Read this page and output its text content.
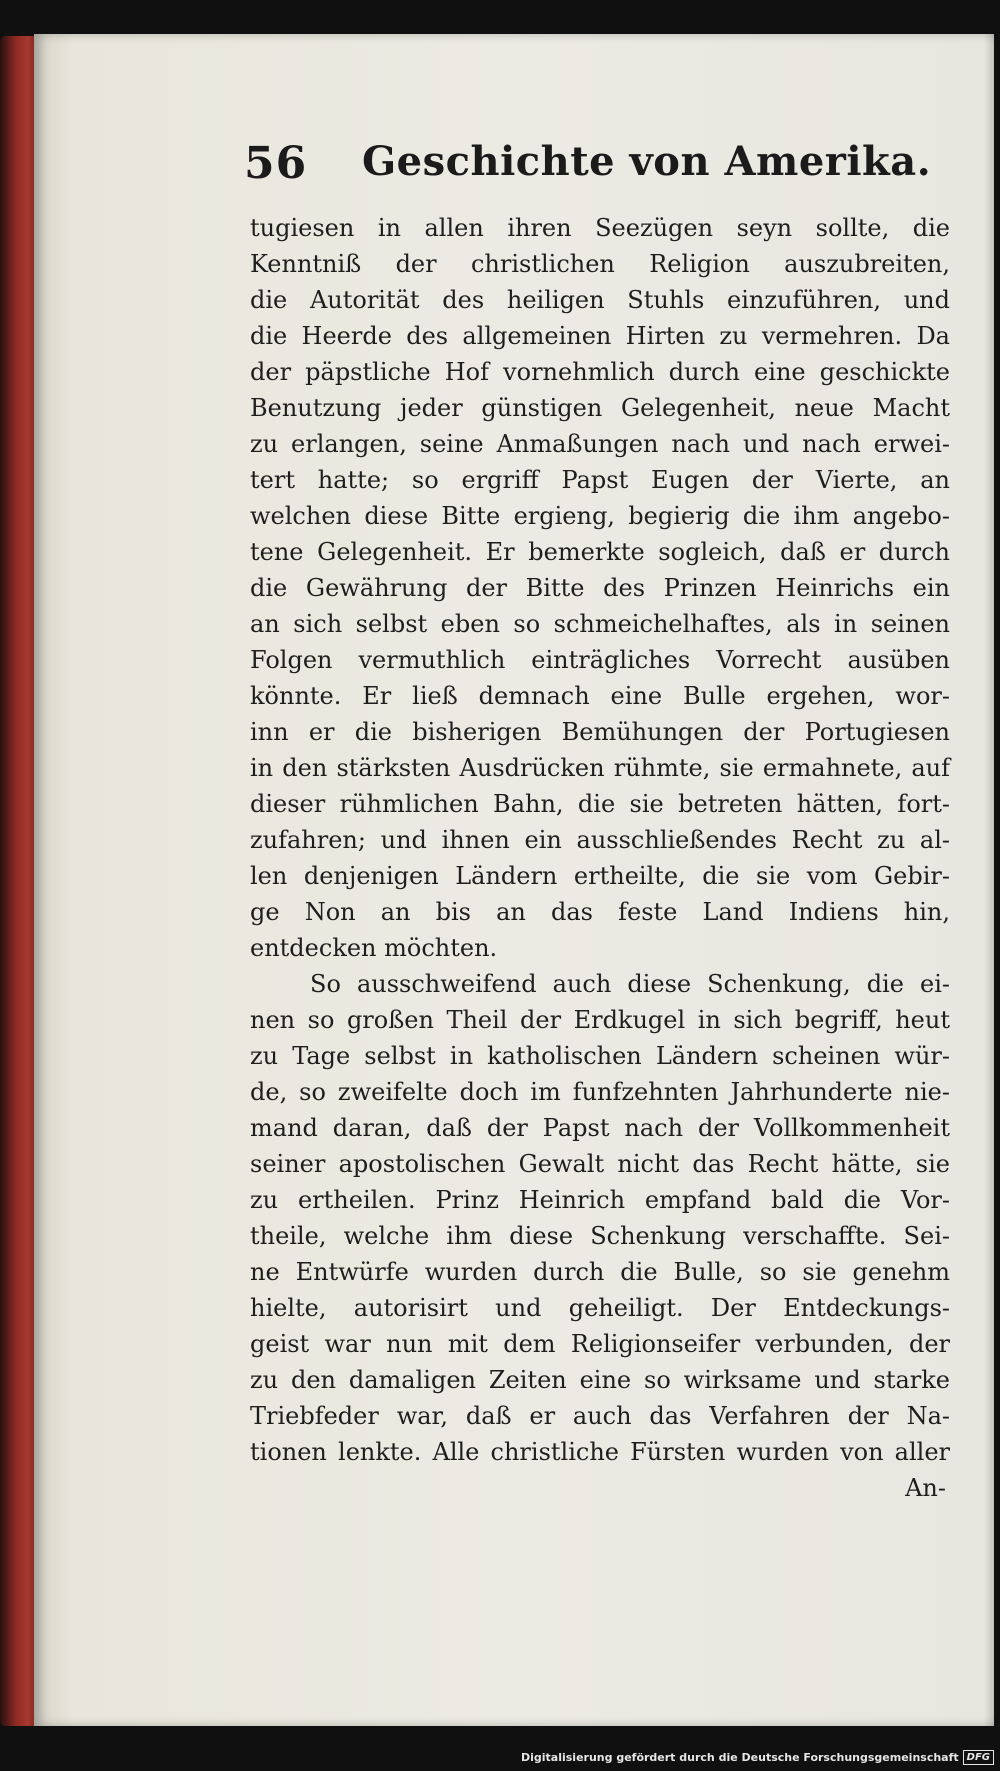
56 Geschichte von Amerika.
tugiesen in allen ihren Seezügen seyn sollte, die
Kenntniß der christlichen Religion auszubreiten,
die Autorität des heiligen Stuhls einzuführen, und
die Heerde des allgemeinen Hirten zu vermehren. Da
der päpstliche Hof vornehmlich durch eine geschickte
Benutzung jeder günstigen Gelegenheit, neue Macht
zu erlangen, seine Anmaßungen nach und nach erwei-
tert hatte; so ergriff Papst Eugen der Vierte, an
welchen diese Bitte ergieng, begierig die ihm angebo-
tene Gelegenheit. Er bemerkte sogleich, daß er durch
die Gewährung der Bitte des Prinzen Heinrichs ein
an sich selbst eben so schmeichelhaftes, als in seinen
Folgen vermuthlich einträgliches Vorrecht ausüben
könnte. Er ließ demnach eine Bulle ergehen, wor-
inn er die bisherigen Bemühungen der Portugiesen
in den stärksten Ausdrücken rühmte, sie ermahnete, auf
dieser rühmlichen Bahn, die sie betreten hätten, fort-
zufahren; und ihnen ein ausschließendes Recht zu al-
len denjenigen Ländern ertheilte, die sie vom Gebir-
ge Non an bis an das feste Land Indiens hin,
entdecken möchten.
So ausschweifend auch diese Schenkung, die ei-
nen so großen Theil der Erdkugel in sich begriff, heut
zu Tage selbst in katholischen Ländern scheinen wür-
de, so zweifelte doch im funfzehnten Jahrhunderte nie-
mand daran, daß der Papst nach der Vollkommenheit
seiner apostolischen Gewalt nicht das Recht hätte, sie
zu ertheilen. Prinz Heinrich empfand bald die Vor-
theile, welche ihm diese Schenkung verschaffte. Sei-
ne Entwürfe wurden durch die Bulle, so sie genehm
hielte, autorisirt und geheiligt. Der Entdeckungs-
geist war nun mit dem Religionseifer verbunden, der
zu den damaligen Zeiten eine so wirksame und starke
Triebfeder war, daß er auch das Verfahren der Na-
tionen lenkte. Alle christliche Fürsten wurden von aller
An-
Digitalisierung gefördert durch die Deutsche Forschungsgemeinschaft DFG
